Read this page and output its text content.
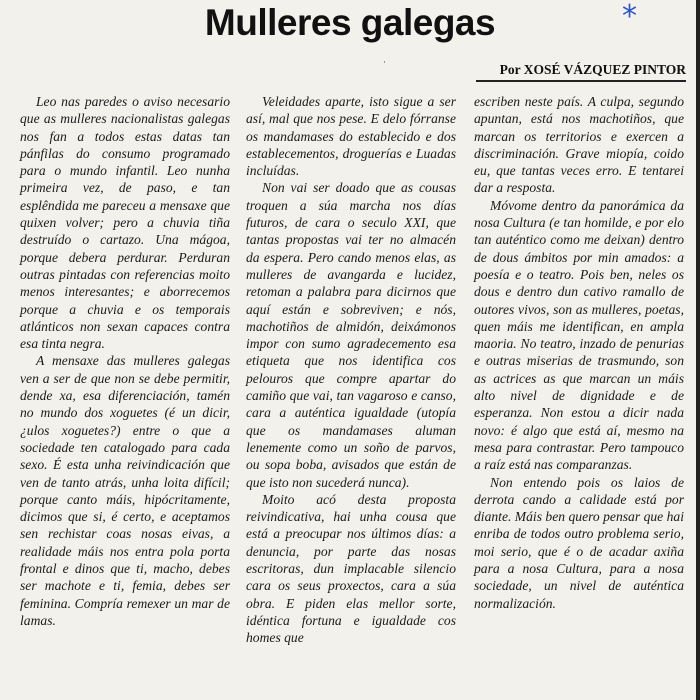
Mulleres galegas	*
·	Por XOSÉ VÁZQUEZ PINTOR

Leo nas paredes o aviso necesario que as mulleres nacionalistas galegas nos fan a todos estas datas tan pánfilas do consumo programado para o mundo infantil. Leo nunha primeira vez, de paso, e tan esplêndida me pareceu a mensaxe que quixen volver; pero a chuvia tiña destruído o cartazo. Una mágoa, porque debera perdurar. Perduran outras pintadas con referencias moito menos interesantes; e aborrecemos porque a chuvia e os temporais atlánticos non sexan capaces contra esa tinta negra.

A mensaxe das mulleres galegas ven a ser de que non se debe permitir, dende xa, esa diferenciación, tamén no mundo dos xoguetes (é un dicir, ¿ulos xoguetes?) entre o que a sociedade ten catalogado para cada sexo. É esta unha reivindicación que ven de tanto atrás, unha loita difícil; porque canto máis, hipócritamente, dicimos que si, é certo, e aceptamos sen rechistar coas nosas eivas, a realidade máis nos entra pola porta frontal e dinos que ti, macho, debes ser machote e ti, femia, debes ser feminina. Compría remexer un mar de lamas.

Veleidades aparte, isto sigue a ser así, mal que nos pese. E delo fórranse os mandamases do establecido e dos establecementos, droguerías e Luadas incluídas.

Non vai ser doado que as cousas troquen a súa marcha nos días futuros, de cara o seculo XXI, que tantas propostas vai ter no almacén da espera. Pero cando menos elas, as mulleres de avangarda e lucidez, retoman a palabra para dicirnos que aquí están e sobreviven; e nós, machotiños de almidón, deixámonos impor con sumo agradecemento esa etiqueta que nos identifica cos pelouros que compre apartar do camiño que vai, tan vagaroso e canso, cara a auténtica igualdade (utopía que os mandamases aluman lenemente como un soño de parvos, ou sopa boba, avisados que están de que isto non sucederá nunca).

Moito acó desta proposta reivindicativa, hai unha cousa que está a preocupar nos últimos días: a denuncia, por parte das nosas escritoras, dun implacable silencio cara os seus proxectos, cara a súa obra. E piden elas mellor sorte, idéntica fortuna e igualdade cos homes que

escriben neste país. A culpa, segundo apuntan, está nos machotiños, que marcan os territorios e exercen a discriminación. Grave miopía, coido eu, que tantas veces erro. E tentarei dar a resposta.

Móvome dentro da panorámica da nosa Cultura (e tan homilde, e por elo tan auténtico como me deixan) dentro de dous ámbitos por min amados: a poesía e o teatro. Pois ben, neles os dous e dentro dun cativo ramallo de outores vivos, son as mulleres, poetas, quen máis me identifican, en ampla maoria. No teatro, inzado de penurias e outras miserias de trasmundo, son as actrices as que marcan un máis alto nivel de dignidade e de esperanza. Non estou a dicir nada novo: é algo que está aí, mesmo na mesa para contrastar. Pero tampouco a raíz está nas comparanzas.

Non entendo pois os laios de derrota cando a calidade está por diante. Máis ben quero pensar que hai enriba de todos outro problema serio, moi serio, que é o de acadar axiña para a nosa Cultura, para a nosa sociedade, un nivel de auténtica normalización.
